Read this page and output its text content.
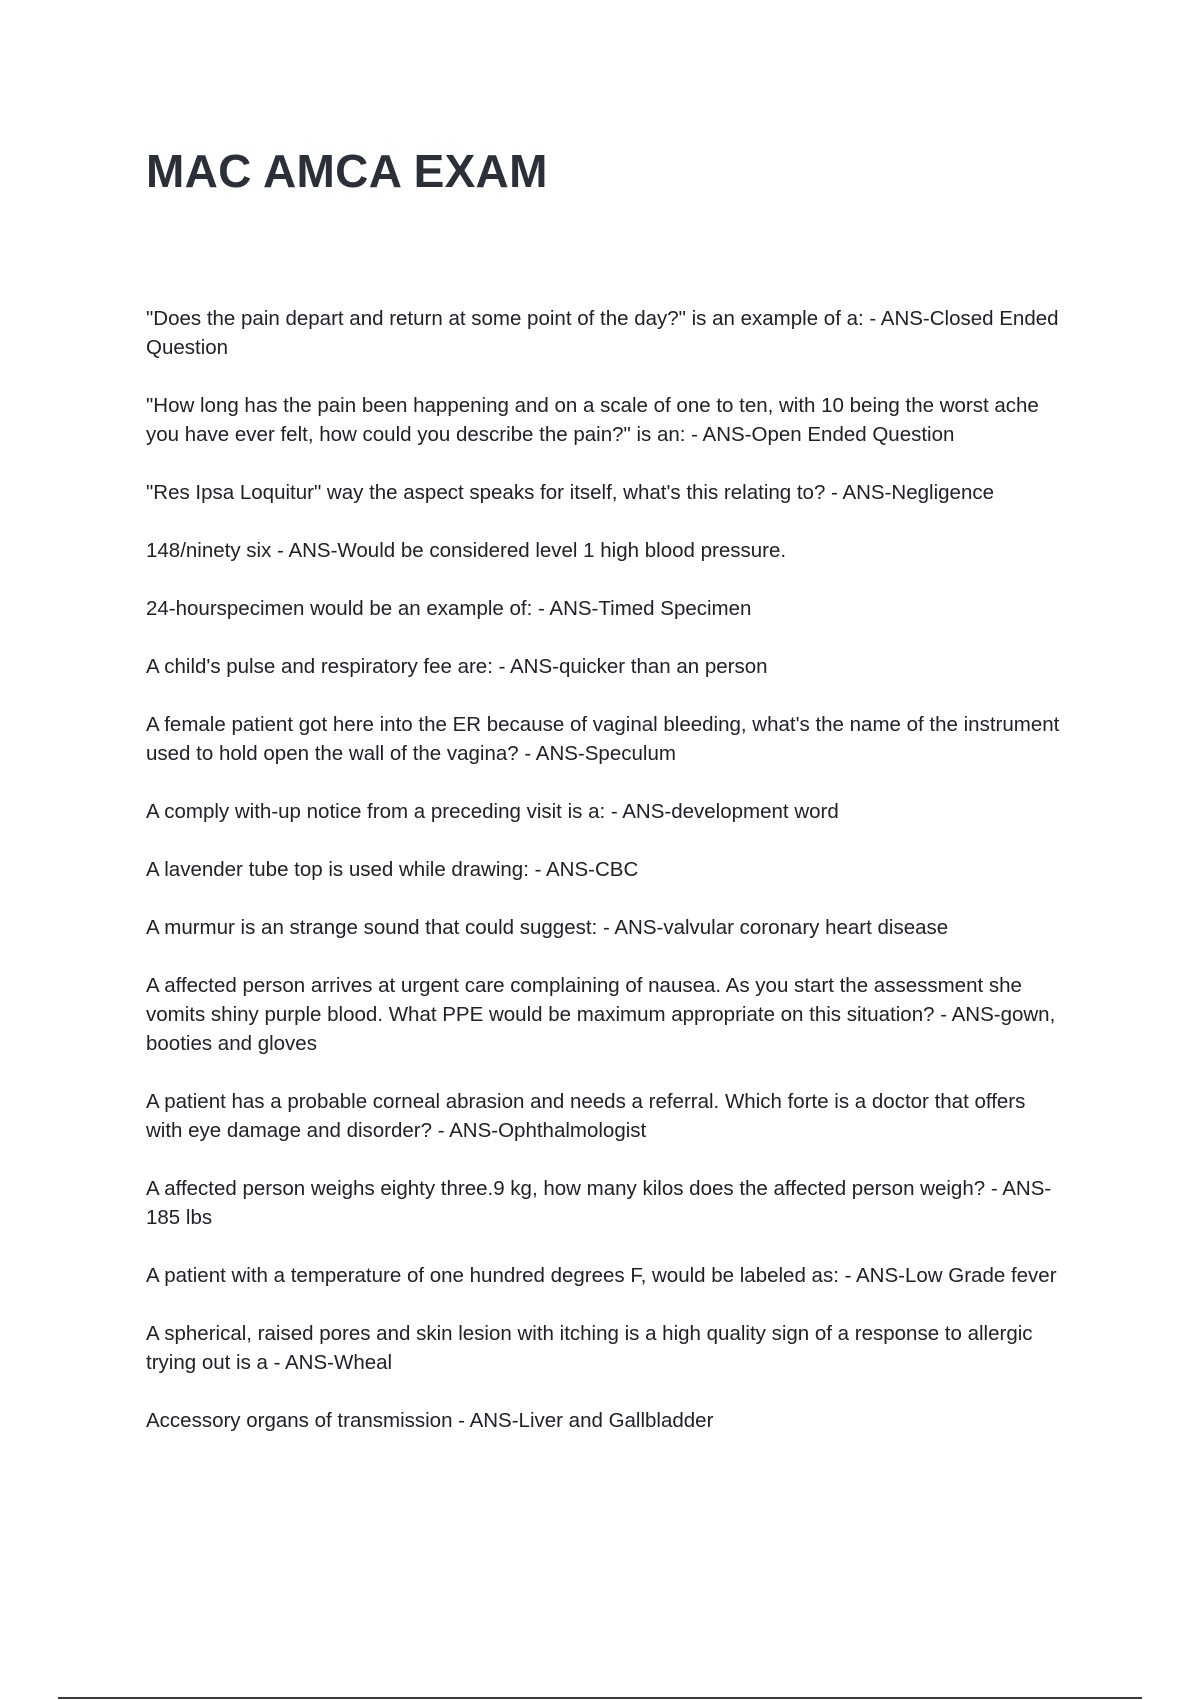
MAC AMCA EXAM
"Does the pain depart and return at some point of the day?" is an example of a: - ANS-Closed Ended Question
"How long has the pain been happening and on a scale of one to ten, with 10 being the worst ache you have ever felt, how could you describe the pain?" is an: - ANS-Open Ended Question
"Res Ipsa Loquitur" way the aspect speaks for itself, what's this relating to? - ANS-Negligence
148/ninety six - ANS-Would be considered level 1 high blood pressure.
24-hourspecimen would be an example of: - ANS-Timed Specimen
A child's pulse and respiratory fee are: - ANS-quicker than an person
A female patient got here into the ER because of vaginal bleeding, what's the name of the instrument used to hold open the wall of the vagina? - ANS-Speculum
A comply with-up notice from a preceding visit is a: - ANS-development word
A lavender tube top is used while drawing: - ANS-CBC
A murmur is an strange sound that could suggest: - ANS-valvular coronary heart disease
A affected person arrives at urgent care complaining of nausea. As you start the assessment she vomits shiny purple blood. What PPE would be maximum appropriate on this situation? - ANS-gown, booties and gloves
A patient has a probable corneal abrasion and needs a referral. Which forte is a doctor that offers with eye damage and disorder? - ANS-Ophthalmologist
A affected person weighs eighty three.9 kg, how many kilos does the affected person weigh? - ANS-185 lbs
A patient with a temperature of one hundred degrees F, would be labeled as: - ANS-Low Grade fever
A spherical, raised pores and skin lesion with itching is a high quality sign of a response to allergic trying out is a - ANS-Wheal
Accessory organs of transmission - ANS-Liver and Gallbladder
